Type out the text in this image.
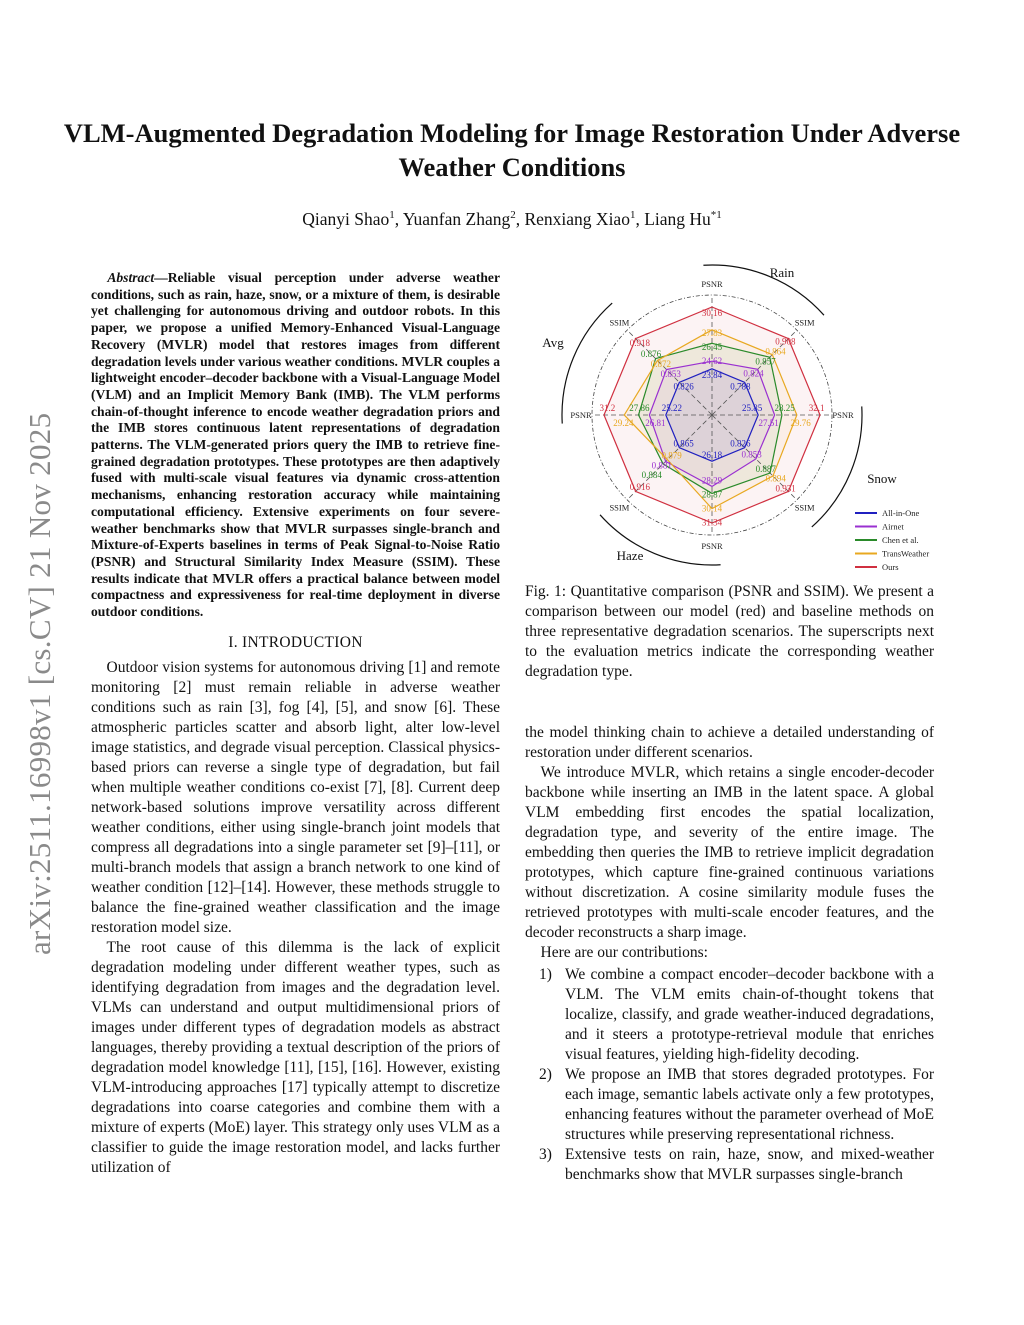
arXiv:2511.16998v1 [cs.CV] 21 Nov 2025
VLM-Augmented Degradation Modeling for Image Restoration Under Adverse Weather Conditions
Qianyi Shao$^1$, Yuanfan Zhang$^2$, Renxiang Xiao$^1$, Liang Hu$^{*1}$

Abstract—Reliable visual perception under adverse weather conditions, such as rain, haze, snow, or a mixture of them, is desirable yet challenging for autonomous driving and outdoor robots. In this paper, we propose a unified Memory-Enhanced Visual-Language Recovery (MVLR) model that restores images from different degradation levels under various weather conditions. MVLR couples a lightweight encoder–decoder backbone with a Visual-Language Model (VLM) and an Implicit Memory Bank (IMB). The VLM performs chain-of-thought inference to encode weather degradation priors and the IMB stores continuous latent representations of degradation patterns. The VLM-generated priors query the IMB to retrieve fine-grained degradation prototypes. These prototypes are then adaptively fused with multi-scale visual features via dynamic cross-attention mechanisms, enhancing restoration accuracy while maintaining computational efficiency. Extensive experiments on four severe-weather benchmarks show that MVLR surpasses single-branch and Mixture-of-Experts baselines in terms of Peak Signal-to-Noise Ratio (PSNR) and Structural Similarity Index Measure (SSIM). These results indicate that MVLR offers a practical balance between model compactness and expressiveness for real-time deployment in diverse outdoor conditions.

I. INTRODUCTION

Outdoor vision systems for autonomous driving [1] and remote monitoring [2] must remain reliable in adverse weather conditions such as rain [3], fog [4], [5], and snow [6]. These atmospheric particles scatter and absorb light, alter low-level image statistics, and degrade visual perception. Classical physics-based priors can reverse a single type of degradation, but fail when multiple weather conditions co-exist [7], [8]. Current deep network-based solutions improve versatility across different weather conditions, either using single-branch joint models that compress all degradations into a single parameter set [9]–[11], or multi-branch models that assign a branch network to one kind of weather condition [12]–[14]. However, these methods struggle to balance the fine-grained weather classification and the image restoration model size.

The root cause of this dilemma is the lack of explicit degradation modeling under different weather types, such as identifying degradation from images and the degradation level. VLMs can understand and output multidimensional priors of images under different types of degradation models as abstract languages, thereby providing a textual description of the priors of degradation model knowledge [11], [15], [16]. However, existing VLM-introducing approaches [17] typically attempt to discretize degradations into coarse categories and combine them with a mixture of experts (MoE) layer. This strategy only uses VLM as a classifier to guide the image restoration model, and lacks further utilization of

PSNR
SSIM
PSNR
SSIM
PSNR
SSIM
PSNR
SSIM
23.84
24.62
26.45
27.83
30.16
0.788
0.824
0.857
0.864
0.908
25.85
27.51
28.25
29.76
32.1
0.826
0.853
0.887
0.894
0.931
26.18
28.29
28.87
30.14
31.34
0.865
0.879
0.881
0.884
0.916
25.22
26.81
27.86
29.24
31.2
0.826
0.853
0.872
0.876
0.918
Rain
Snow
Haze
Avg
All-in-One
Airnet
Chen et al.
TransWeather
Ours
Fig. 1: Quantitative comparison (PSNR and SSIM). We present a comparison between our model (red) and baseline methods on three representative degradation scenarios. The superscripts next to the evaluation metrics indicate the corresponding weather degradation type.

the model thinking chain to achieve a detailed understanding of restoration under different scenarios.

We introduce MVLR, which retains a single encoder-decoder backbone while inserting an IMB in the latent space. A global VLM embedding first encodes the spatial localization, degradation type, and severity of the entire image. The embedding then queries the IMB to retrieve implicit degradation prototypes, which capture fine-grained continuous variations without discretization. A cosine similarity module fuses the retrieved prototypes with multi-scale encoder features, and the decoder reconstructs a sharp image.

Here are our contributions:

1) We combine a compact encoder–decoder backbone with a VLM. The VLM emits chain-of-thought tokens that localize, classify, and grade weather-induced degradations, and it steers a prototype-retrieval module that enriches visual features, yielding high-fidelity decoding.
2) We propose an IMB that stores degraded prototypes. For each image, semantic labels activate only a few prototypes, enhancing features without the parameter overhead of MoE structures while preserving representational richness.
3) Extensive tests on rain, haze, snow, and mixed-weather benchmarks show that MVLR surpasses single-branch
